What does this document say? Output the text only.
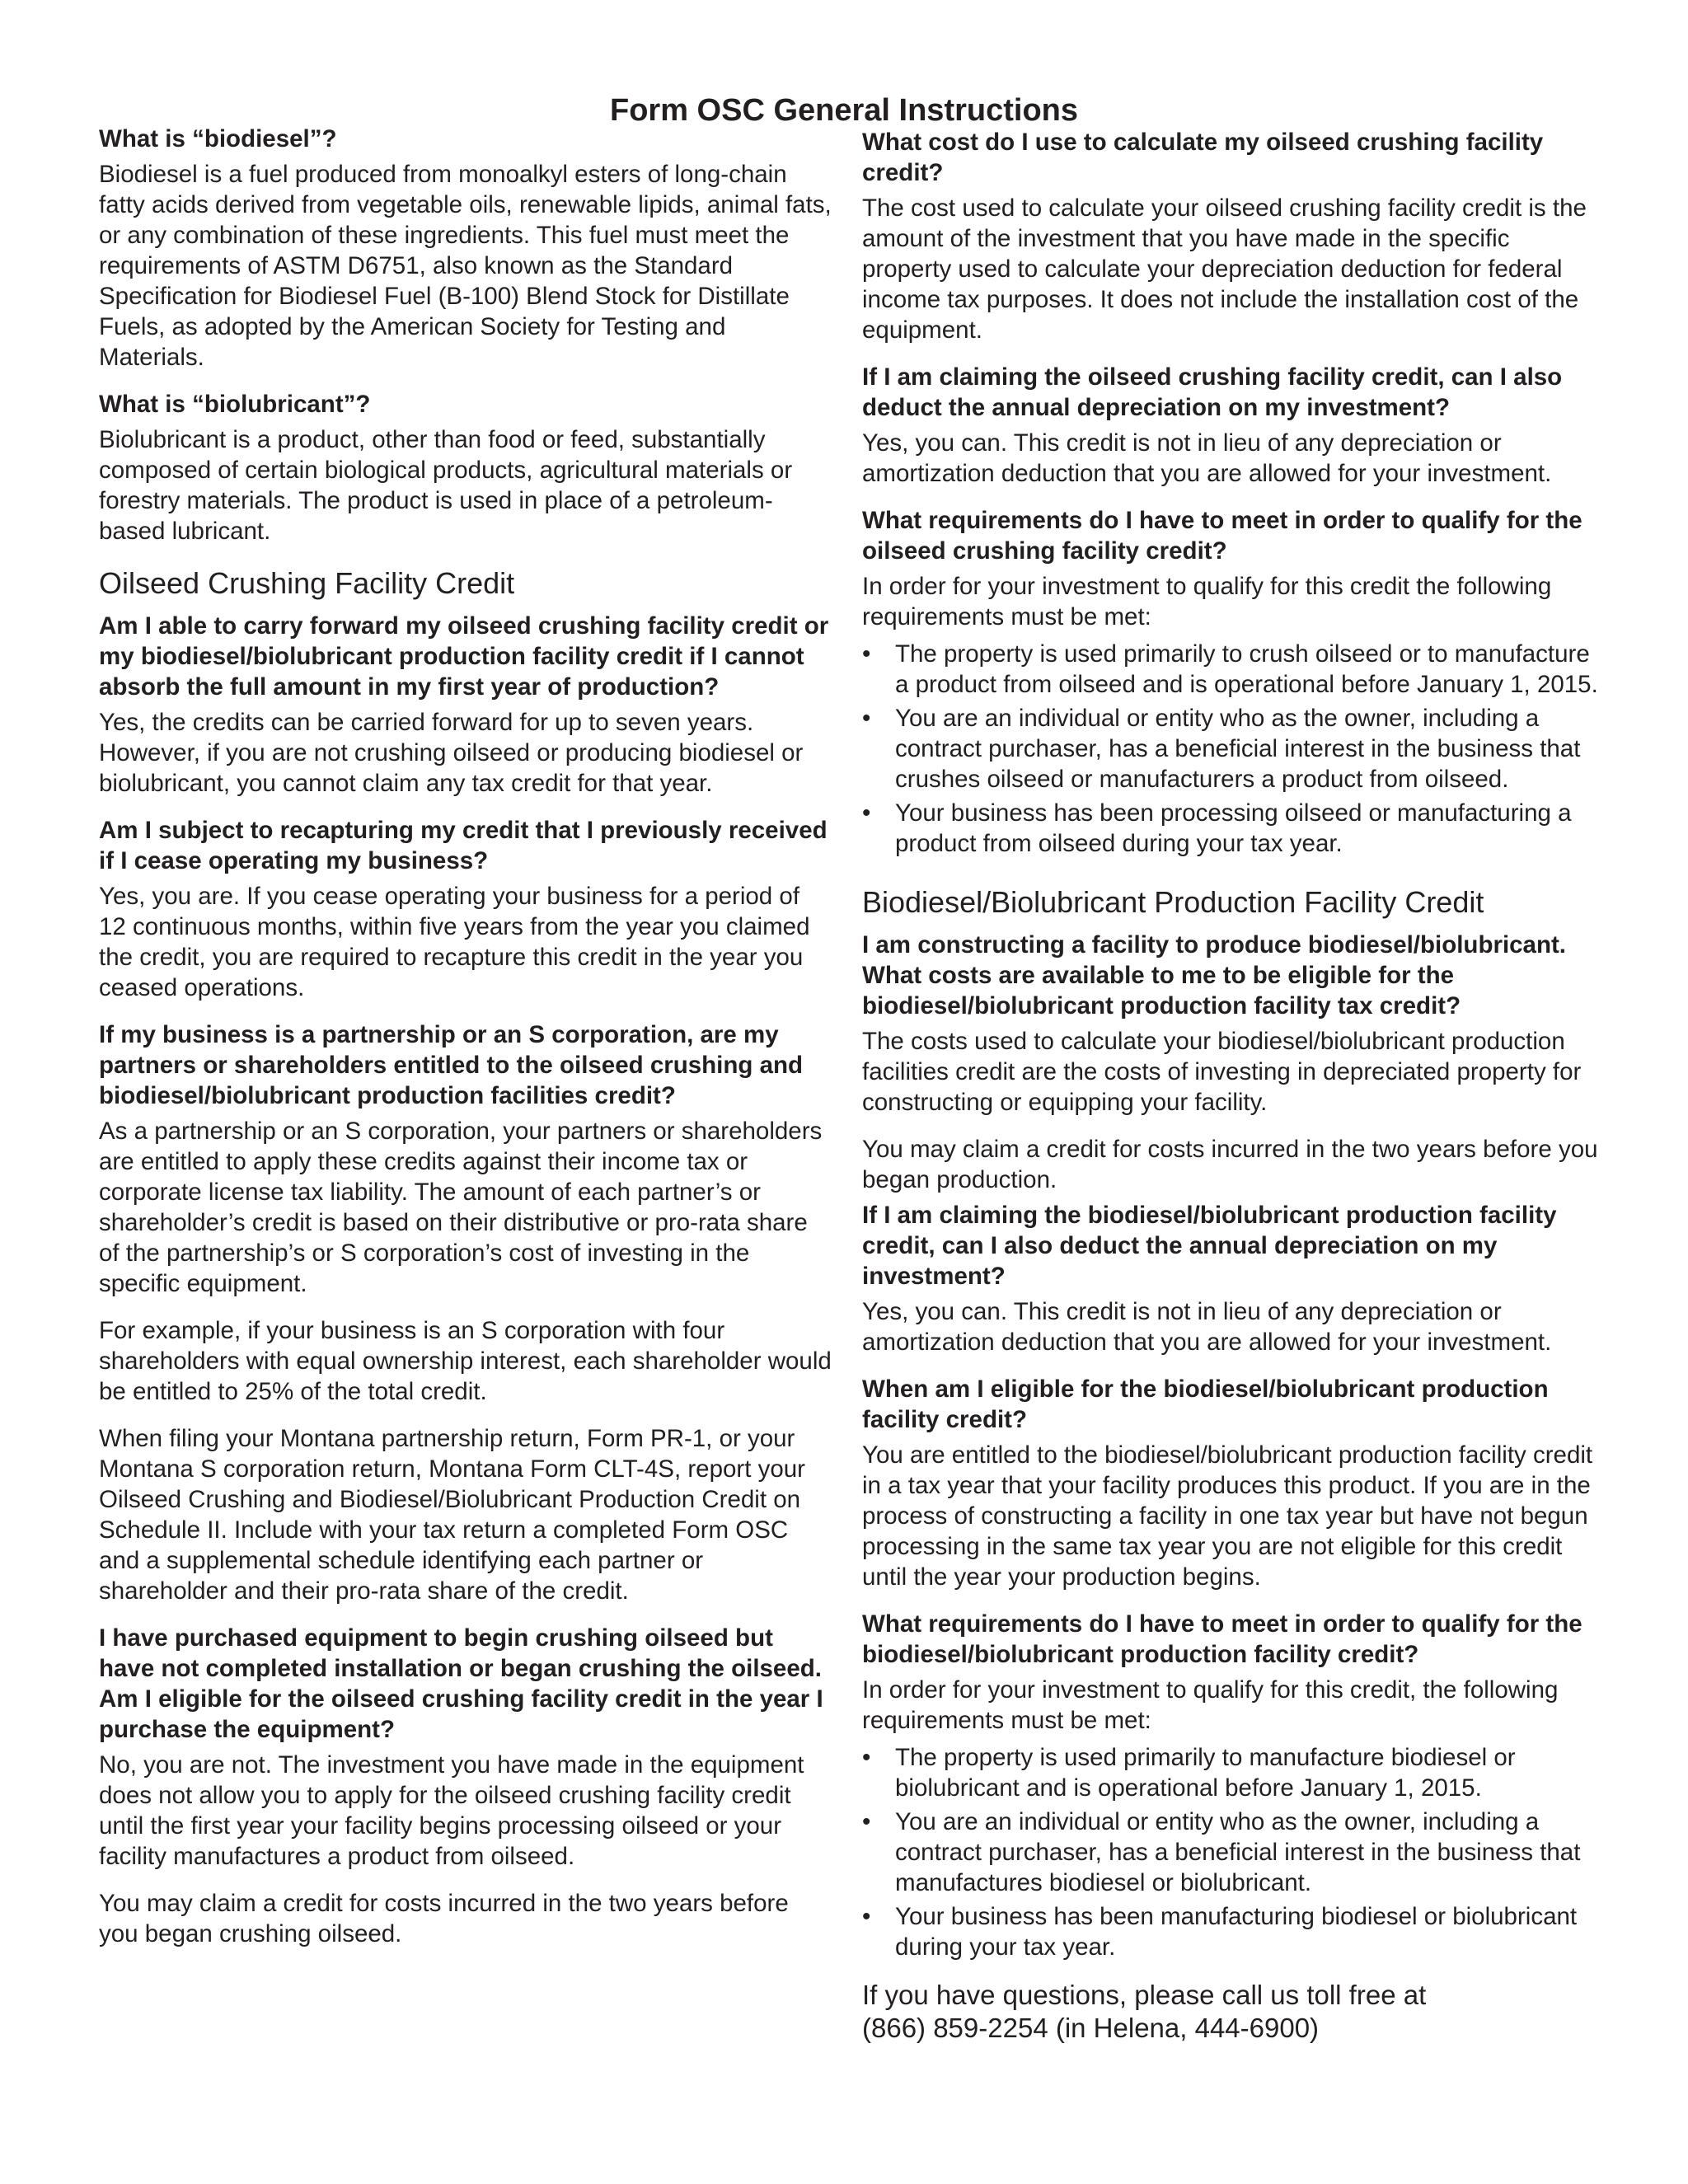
Form OSC General Instructions
What is “biodiesel”?

Biodiesel is a fuel produced from monoalkyl esters of long-chain fatty acids derived from vegetable oils, renewable lipids, animal fats, or any combination of these ingredients. This fuel must meet the requirements of ASTM D6751, also known as the Standard Specification for Biodiesel Fuel (B-100) Blend Stock for Distillate Fuels, as adopted by the American Society for Testing and Materials.

What is “biolubricant”?

Biolubricant is a product, other than food or feed, substantially composed of certain biological products, agricultural materials or forestry materials. The product is used in place of a petroleum-based lubricant.

Oilseed Crushing Facility Credit
Am I able to carry forward my oilseed crushing facility credit or my biodiesel/biolubricant production facility credit if I cannot absorb the full amount in my first year of production?

Yes, the credits can be carried forward for up to seven years. However, if you are not crushing oilseed or producing biodiesel or biolubricant, you cannot claim any tax credit for that year.

Am I subject to recapturing my credit that I previously received if I cease operating my business?

Yes, you are. If you cease operating your business for a period of 12 continuous months, within five years from the year you claimed the credit, you are required to recapture this credit in the year you ceased operations.

If my business is a partnership or an S corporation, are my partners or shareholders entitled to the oilseed crushing and biodiesel/biolubricant production facilities credit?

As a partnership or an S corporation, your partners or shareholders are entitled to apply these credits against their income tax or corporate license tax liability. The amount of each partner’s or shareholder’s credit is based on their distributive or pro-rata share of the partnership’s or S corporation’s cost of investing in the specific equipment.

For example, if your business is an S corporation with four shareholders with equal ownership interest, each shareholder would be entitled to 25% of the total credit.

When filing your Montana partnership return, Form PR-1, or your Montana S corporation return, Montana Form CLT-4S, report your Oilseed Crushing and Biodiesel/Biolubricant Production Credit on Schedule II. Include with your tax return a completed Form OSC and a supplemental schedule identifying each partner or shareholder and their pro-rata share of the credit.

I have purchased equipment to begin crushing oilseed but have not completed installation or began crushing the oilseed. Am I eligible for the oilseed crushing facility credit in the year I purchase the equipment?

No, you are not. The investment you have made in the equipment does not allow you to apply for the oilseed crushing facility credit until the first year your facility begins processing oilseed or your facility manufactures a product from oilseed.

You may claim a credit for costs incurred in the two years before you began crushing oilseed.

What cost do I use to calculate my oilseed crushing facility credit?

The cost used to calculate your oilseed crushing facility credit is the amount of the investment that you have made in the specific property used to calculate your depreciation deduction for federal income tax purposes. It does not include the installation cost of the equipment.

If I am claiming the oilseed crushing facility credit, can I also deduct the annual depreciation on my investment?

Yes, you can. This credit is not in lieu of any depreciation or amortization deduction that you are allowed for your investment.

What requirements do I have to meet in order to qualify for the oilseed crushing facility credit?

In order for your investment to qualify for this credit the following requirements must be met:

• The property is used primarily to crush oilseed or to manufacture a product from oilseed and is operational before January 1, 2015.
• You are an individual or entity who as the owner, including a contract purchaser, has a beneficial interest in the business that crushes oilseed or manufacturers a product from oilseed.
• Your business has been processing oilseed or manufacturing a product from oilseed during your tax year.
Biodiesel/Biolubricant Production Facility Credit
I am constructing a facility to produce biodiesel/biolubricant. What costs are available to me to be eligible for the biodiesel/biolubricant production facility tax credit?

The costs used to calculate your biodiesel/biolubricant production facilities credit are the costs of investing in depreciated property for constructing or equipping your facility.

You may claim a credit for costs incurred in the two years before you began production.

If I am claiming the biodiesel/biolubricant production facility credit, can I also deduct the annual depreciation on my investment?

Yes, you can. This credit is not in lieu of any depreciation or amortization deduction that you are allowed for your investment.

When am I eligible for the biodiesel/biolubricant production facility credit?

You are entitled to the biodiesel/biolubricant production facility credit in a tax year that your facility produces this product. If you are in the process of constructing a facility in one tax year but have not begun processing in the same tax year you are not eligible for this credit until the year your production begins.

What requirements do I have to meet in order to qualify for the biodiesel/biolubricant production facility credit?

In order for your investment to qualify for this credit, the following requirements must be met:

• The property is used primarily to manufacture biodiesel or biolubricant and is operational before January 1, 2015.
• You are an individual or entity who as the owner, including a contract purchaser, has a beneficial interest in the business that manufactures biodiesel or biolubricant.
• Your business has been manufacturing biodiesel or biolubricant during your tax year.

If you have questions, please call us toll free at
(866) 859-2254 (in Helena, 444-6900)
